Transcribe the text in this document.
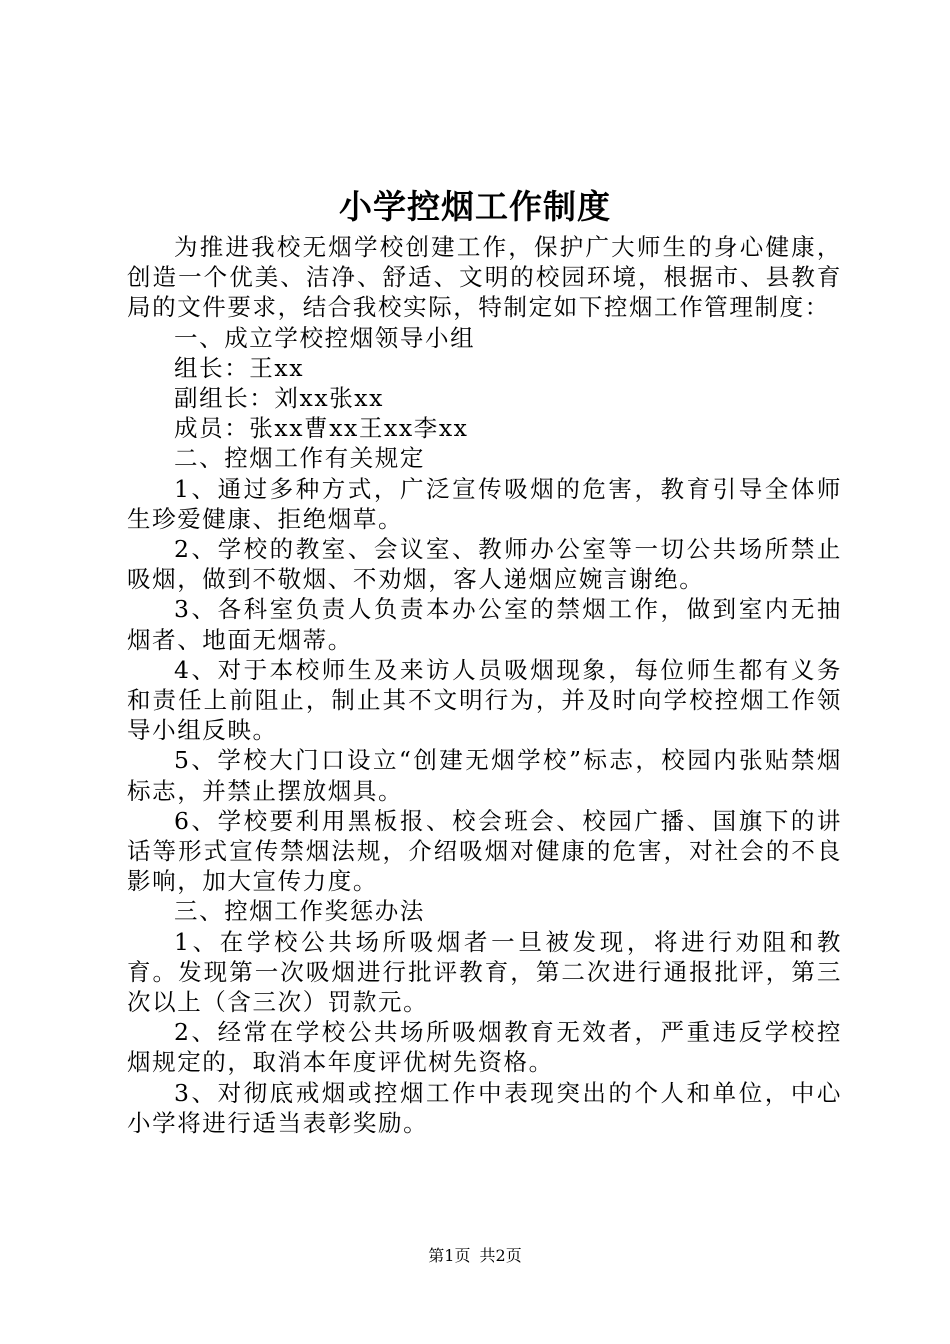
小学控烟工作制度

为推进我校无烟学校创建工作，保护广大师生的身心健康，创造一个优美、洁净、舒适、文明的校园环境，根据市、县教育局的文件要求，结合我校实际，特制定如下控烟工作管理制度：

一、成立学校控烟领导小组

组长：王xx

副组长：刘xx张xx

成员：张xx曹xx王xx李xx

二、控烟工作有关规定

1、通过多种方式，广泛宣传吸烟的危害，教育引导全体师生珍爱健康、拒绝烟草。

2、学校的教室、会议室、教师办公室等一切公共场所禁止吸烟，做到不敬烟、不劝烟，客人递烟应婉言谢绝。

3、各科室负责人负责本办公室的禁烟工作，做到室内无抽烟者、地面无烟蒂。

4、对于本校师生及来访人员吸烟现象，每位师生都有义务和责任上前阻止，制止其不文明行为，并及时向学校控烟工作领导小组反映。

5、学校大门口设立“创建无烟学校”标志，校园内张贴禁烟标志，并禁止摆放烟具。

6、学校要利用黑板报、校会班会、校园广播、国旗下的讲话等形式宣传禁烟法规，介绍吸烟对健康的危害，对社会的不良影响，加大宣传力度。

三、控烟工作奖惩办法

1、在学校公共场所吸烟者一旦被发现，将进行劝阻和教育。发现第一次吸烟进行批评教育，第二次进行通报批评，第三次以上（含三次）罚款元。

2、经常在学校公共场所吸烟教育无效者，严重违反学校控烟规定的，取消本年度评优树先资格。

3、对彻底戒烟或控烟工作中表现突出的个人和单位，中心小学将进行适当表彰奖励。

第1页 共2页
